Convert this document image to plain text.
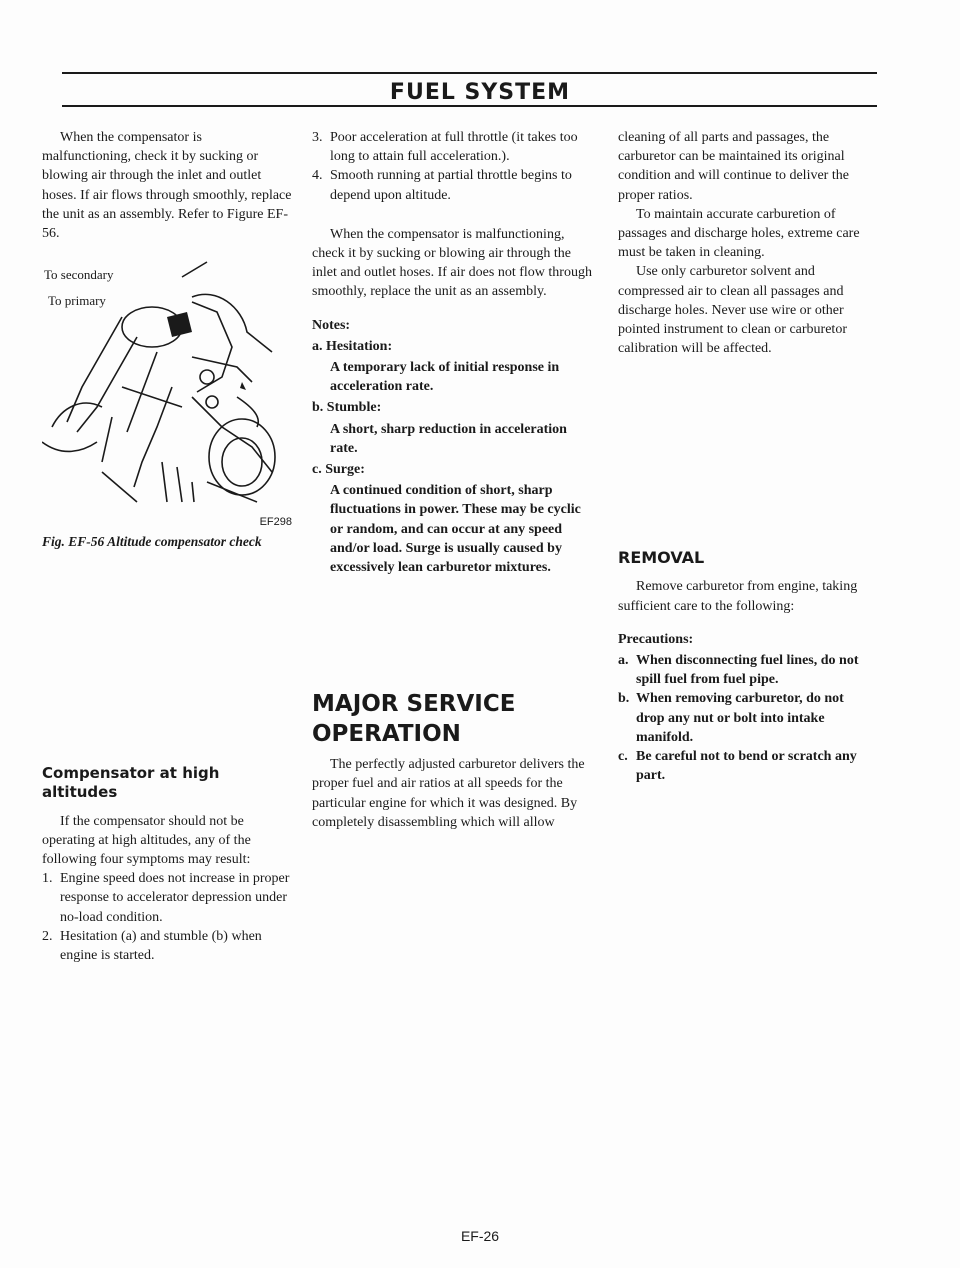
FUEL SYSTEM

When the compensator is malfunctioning, check it by sucking or blowing air through the inlet and outlet hoses. If air flows through smoothly, replace the unit as an assembly. Refer to Figure EF-56.

To secondary
To primary
EF298
Fig. EF-56 Altitude compensator check
Compensator at high altitudes

If the compensator should not be operating at high altitudes, any of the following four symptoms may result:

1. Engine speed does not increase in proper response to accelerator depression under no-load condition.
2. Hesitation (a) and stumble (b) when engine is started.
3. Poor acceleration at full throttle (it takes too long to attain full acceleration.).
4. Smooth running at partial throttle begins to depend upon altitude.

When the compensator is malfunctioning, check it by sucking or blowing air through the inlet and outlet hoses. If air does not flow through smoothly, replace the unit as an assembly.

Notes:
a. Hesitation:
A temporary lack of initial response in acceleration rate.
b. Stumble:
A short, sharp reduction in acceleration rate.
c. Surge:
A continued condition of short, sharp fluctuations in power. These may be cyclic or random, and can occur at any speed and/or load. Surge is usually caused by excessively lean carburetor mixtures.
MAJOR SERVICE OPERATION

The perfectly adjusted carburetor delivers the proper fuel and air ratios at all speeds for the particular engine for which it was designed. By completely disassembling which will allow

cleaning of all parts and passages, the carburetor can be maintained its original condition and will continue to deliver the proper ratios.

To maintain accurate carburetion of passages and discharge holes, extreme care must be taken in cleaning.

Use only carburetor solvent and compressed air to clean all passages and discharge holes. Never use wire or other pointed instrument to clean or carburetor calibration will be affected.

REMOVAL

Remove carburetor from engine, taking sufficient care to the following:

Precautions:
a. When disconnecting fuel lines, do not spill fuel from fuel pipe.
b. When removing carburetor, do not drop any nut or bolt into intake manifold.
c. Be careful not to bend or scratch any part.
EF-26
